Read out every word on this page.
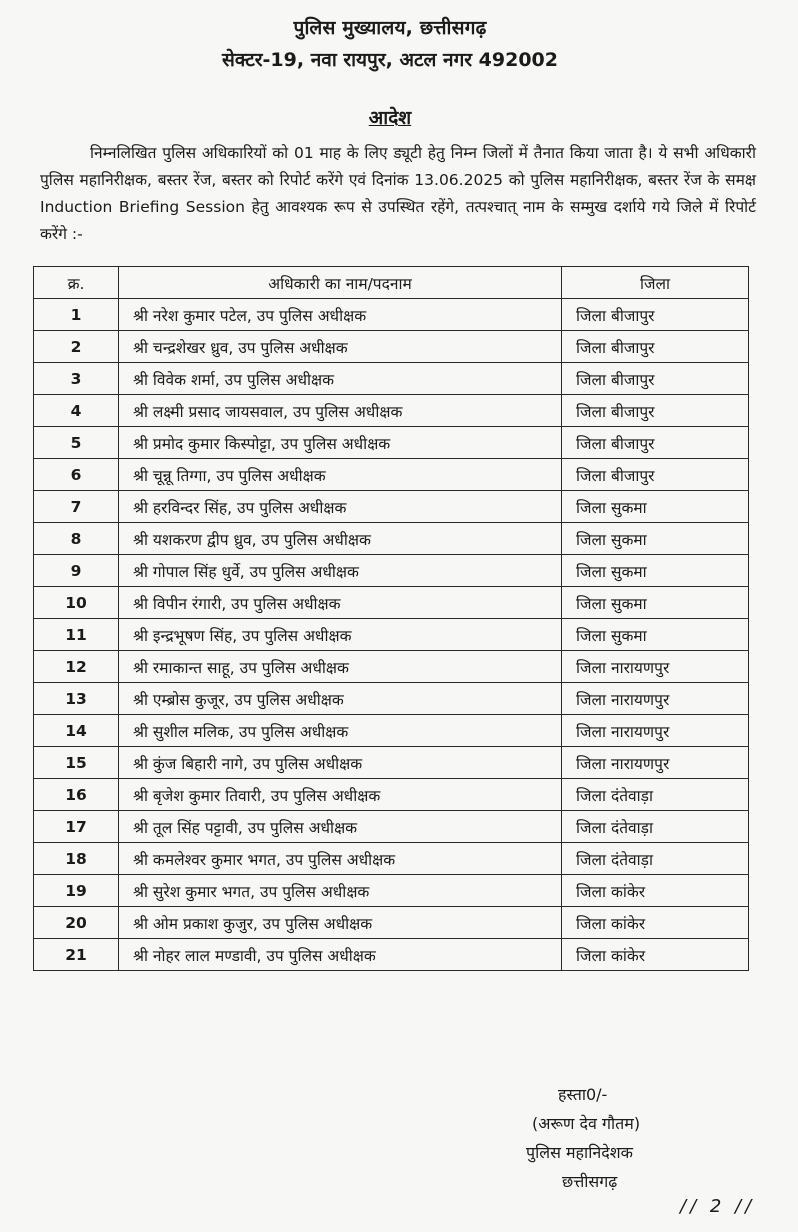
पुलिस मुख्यालय, छत्तीसगढ़
सेक्टर-19, नवा रायपुर, अटल नगर 492002
आदेश
निम्नलिखित पुलिस अधिकारियों को 01 माह के लिए ड्यूटी हेतु निम्न जिलों में तैनात किया जाता है। ये सभी अधिकारी पुलिस महानिरीक्षक, बस्तर रेंज, बस्तर को रिपोर्ट करेंगे एवं दिनांक 13.06.2025 को पुलिस महानिरीक्षक, बस्तर रेंज के समक्ष Induction Briefing Session हेतु आवश्यक रूप से उपस्थित रहेंगे, तत्पश्चात् नाम के सम्मुख दर्शाये गये जिले में रिपोर्ट करेंगे :-
क्र.	अधिकारी का नाम/पदनाम	जिला
1	श्री नरेश कुमार पटेल, उप पुलिस अधीक्षक	जिला बीजापुर
2	श्री चन्द्रशेखर ध्रुव, उप पुलिस अधीक्षक	जिला बीजापुर
3	श्री विवेक शर्मा, उप पुलिस अधीक्षक	जिला बीजापुर
4	श्री लक्ष्मी प्रसाद जायसवाल, उप पुलिस अधीक्षक	जिला बीजापुर
5	श्री प्रमोद कुमार किस्पोट्टा, उप पुलिस अधीक्षक	जिला बीजापुर
6	श्री चून्नू तिग्गा, उप पुलिस अधीक्षक	जिला बीजापुर
7	श्री हरविन्दर सिंह, उप पुलिस अधीक्षक	जिला सुकमा
8	श्री यशकरण द्वीप ध्रुव, उप पुलिस अधीक्षक	जिला सुकमा
9	श्री गोपाल सिंह धुर्वे, उप पुलिस अधीक्षक	जिला सुकमा
10	श्री विपीन रंगारी, उप पुलिस अधीक्षक	जिला सुकमा
11	श्री इन्द्रभूषण सिंह, उप पुलिस अधीक्षक	जिला सुकमा
12	श्री रमाकान्त साहू, उप पुलिस अधीक्षक	जिला नारायणपुर
13	श्री एम्ब्रोस कुजूर, उप पुलिस अधीक्षक	जिला नारायणपुर
14	श्री सुशील मलिक, उप पुलिस अधीक्षक	जिला नारायणपुर
15	श्री कुंज बिहारी नागे, उप पुलिस अधीक्षक	जिला नारायणपुर
16	श्री बृजेश कुमार तिवारी, उप पुलिस अधीक्षक	जिला दंतेवाड़ा
17	श्री तूल सिंह पट्टावी, उप पुलिस अधीक्षक	जिला दंतेवाड़ा
18	श्री कमलेश्वर कुमार भगत, उप पुलिस अधीक्षक	जिला दंतेवाड़ा
19	श्री सुरेश कुमार भगत, उप पुलिस अधीक्षक	जिला कांकेर
20	श्री ओम प्रकाश कुजुर, उप पुलिस अधीक्षक	जिला कांकेर
21	श्री नोहर लाल मण्डावी, उप पुलिस अधीक्षक	जिला कांकेर
हस्ता0/-
(अरूण देव गौतम)
पुलिस महानिदेशक
छत्तीसगढ़
// 2 //
